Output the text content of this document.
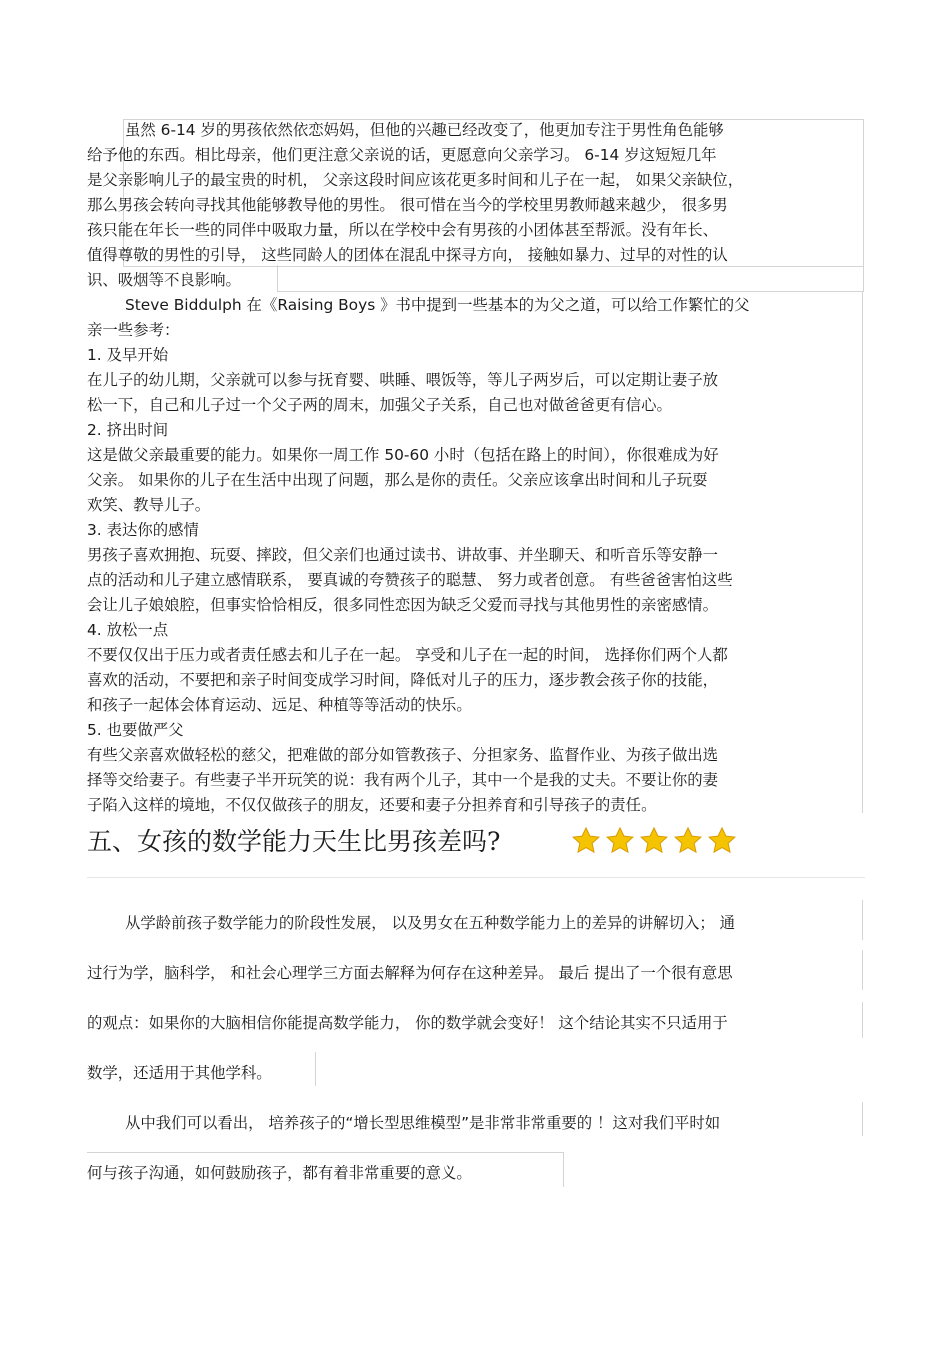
虽然 6-14 岁的男孩依然依恋妈妈，但他的兴趣已经改变了，他更加专注于男性角色能够
给予他的东西。相比母亲，他们更注意父亲说的话，更愿意向父亲学习。 6-14 岁这短短几年
是父亲影响儿子的最宝贵的时机， 父亲这段时间应该花更多时间和儿子在一起， 如果父亲缺位，
那么男孩会转向寻找其他能够教导他的男性。 很可惜在当今的学校里男教师越来越少， 很多男
孩只能在年长一些的同伴中吸取力量，所以在学校中会有男孩的小团体甚至帮派。没有年长、
值得尊敬的男性的引导， 这些同龄人的团体在混乱中探寻方向， 接触如暴力、过早的对性的认
识、吸烟等不良影响。
Steve Biddulph 在《Raising Boys 》书中提到一些基本的为父之道，可以给工作繁忙的父
亲一些参考：
1. 及早开始
在儿子的幼儿期，父亲就可以参与抚育婴、哄睡、喂饭等，等儿子两岁后，可以定期让妻子放
松一下，自己和儿子过一个父子两的周末，加强父子关系，自己也对做爸爸更有信心。
2. 挤出时间
这是做父亲最重要的能力。如果你一周工作 50-60 小时（包括在路上的时间），你很难成为好
父亲。 如果你的儿子在生活中出现了问题，那么是你的责任。父亲应该拿出时间和儿子玩耍
欢笑、教导儿子。
3. 表达你的感情
男孩子喜欢拥抱、玩耍、摔跤，但父亲们也通过读书、讲故事、并坐聊天、和听音乐等安静一
点的活动和儿子建立感情联系， 要真诚的夸赞孩子的聪慧、 努力或者创意。 有些爸爸害怕这些
会让儿子娘娘腔，但事实恰恰相反，很多同性恋因为缺乏父爱而寻找与其他男性的亲密感情。
4. 放松一点
不要仅仅出于压力或者责任感去和儿子在一起。 享受和儿子在一起的时间， 选择你们两个人都
喜欢的活动，不要把和亲子时间变成学习时间，降低对儿子的压力，逐步教会孩子你的技能，
和孩子一起体会体育运动、远足、种植等等活动的快乐。
5. 也要做严父
有些父亲喜欢做轻松的慈父，把难做的部分如管教孩子、分担家务、监督作业、为孩子做出选
择等交给妻子。有些妻子半开玩笑的说：我有两个儿子，其中一个是我的丈夫。不要让你的妻
子陷入这样的境地，不仅仅做孩子的朋友，还要和妻子分担养育和引导孩子的责任。
五、女孩的数学能力天生比男孩差吗?
从学龄前孩子数学能力的阶段性发展， 以及男女在五种数学能力上的差异的讲解切入； 通
过行为学，脑科学， 和社会心理学三方面去解释为何存在这种差异。 最后 提出了一个很有意思
的观点：如果你的大脑相信你能提高数学能力， 你的数学就会变好！ 这个结论其实不只适用于
数学，还适用于其他学科。
从中我们可以看出， 培养孩子的“增长型思维模型”是非常非常重要的 ！这对我们平时如
何与孩子沟通，如何鼓励孩子，都有着非常重要的意义。
